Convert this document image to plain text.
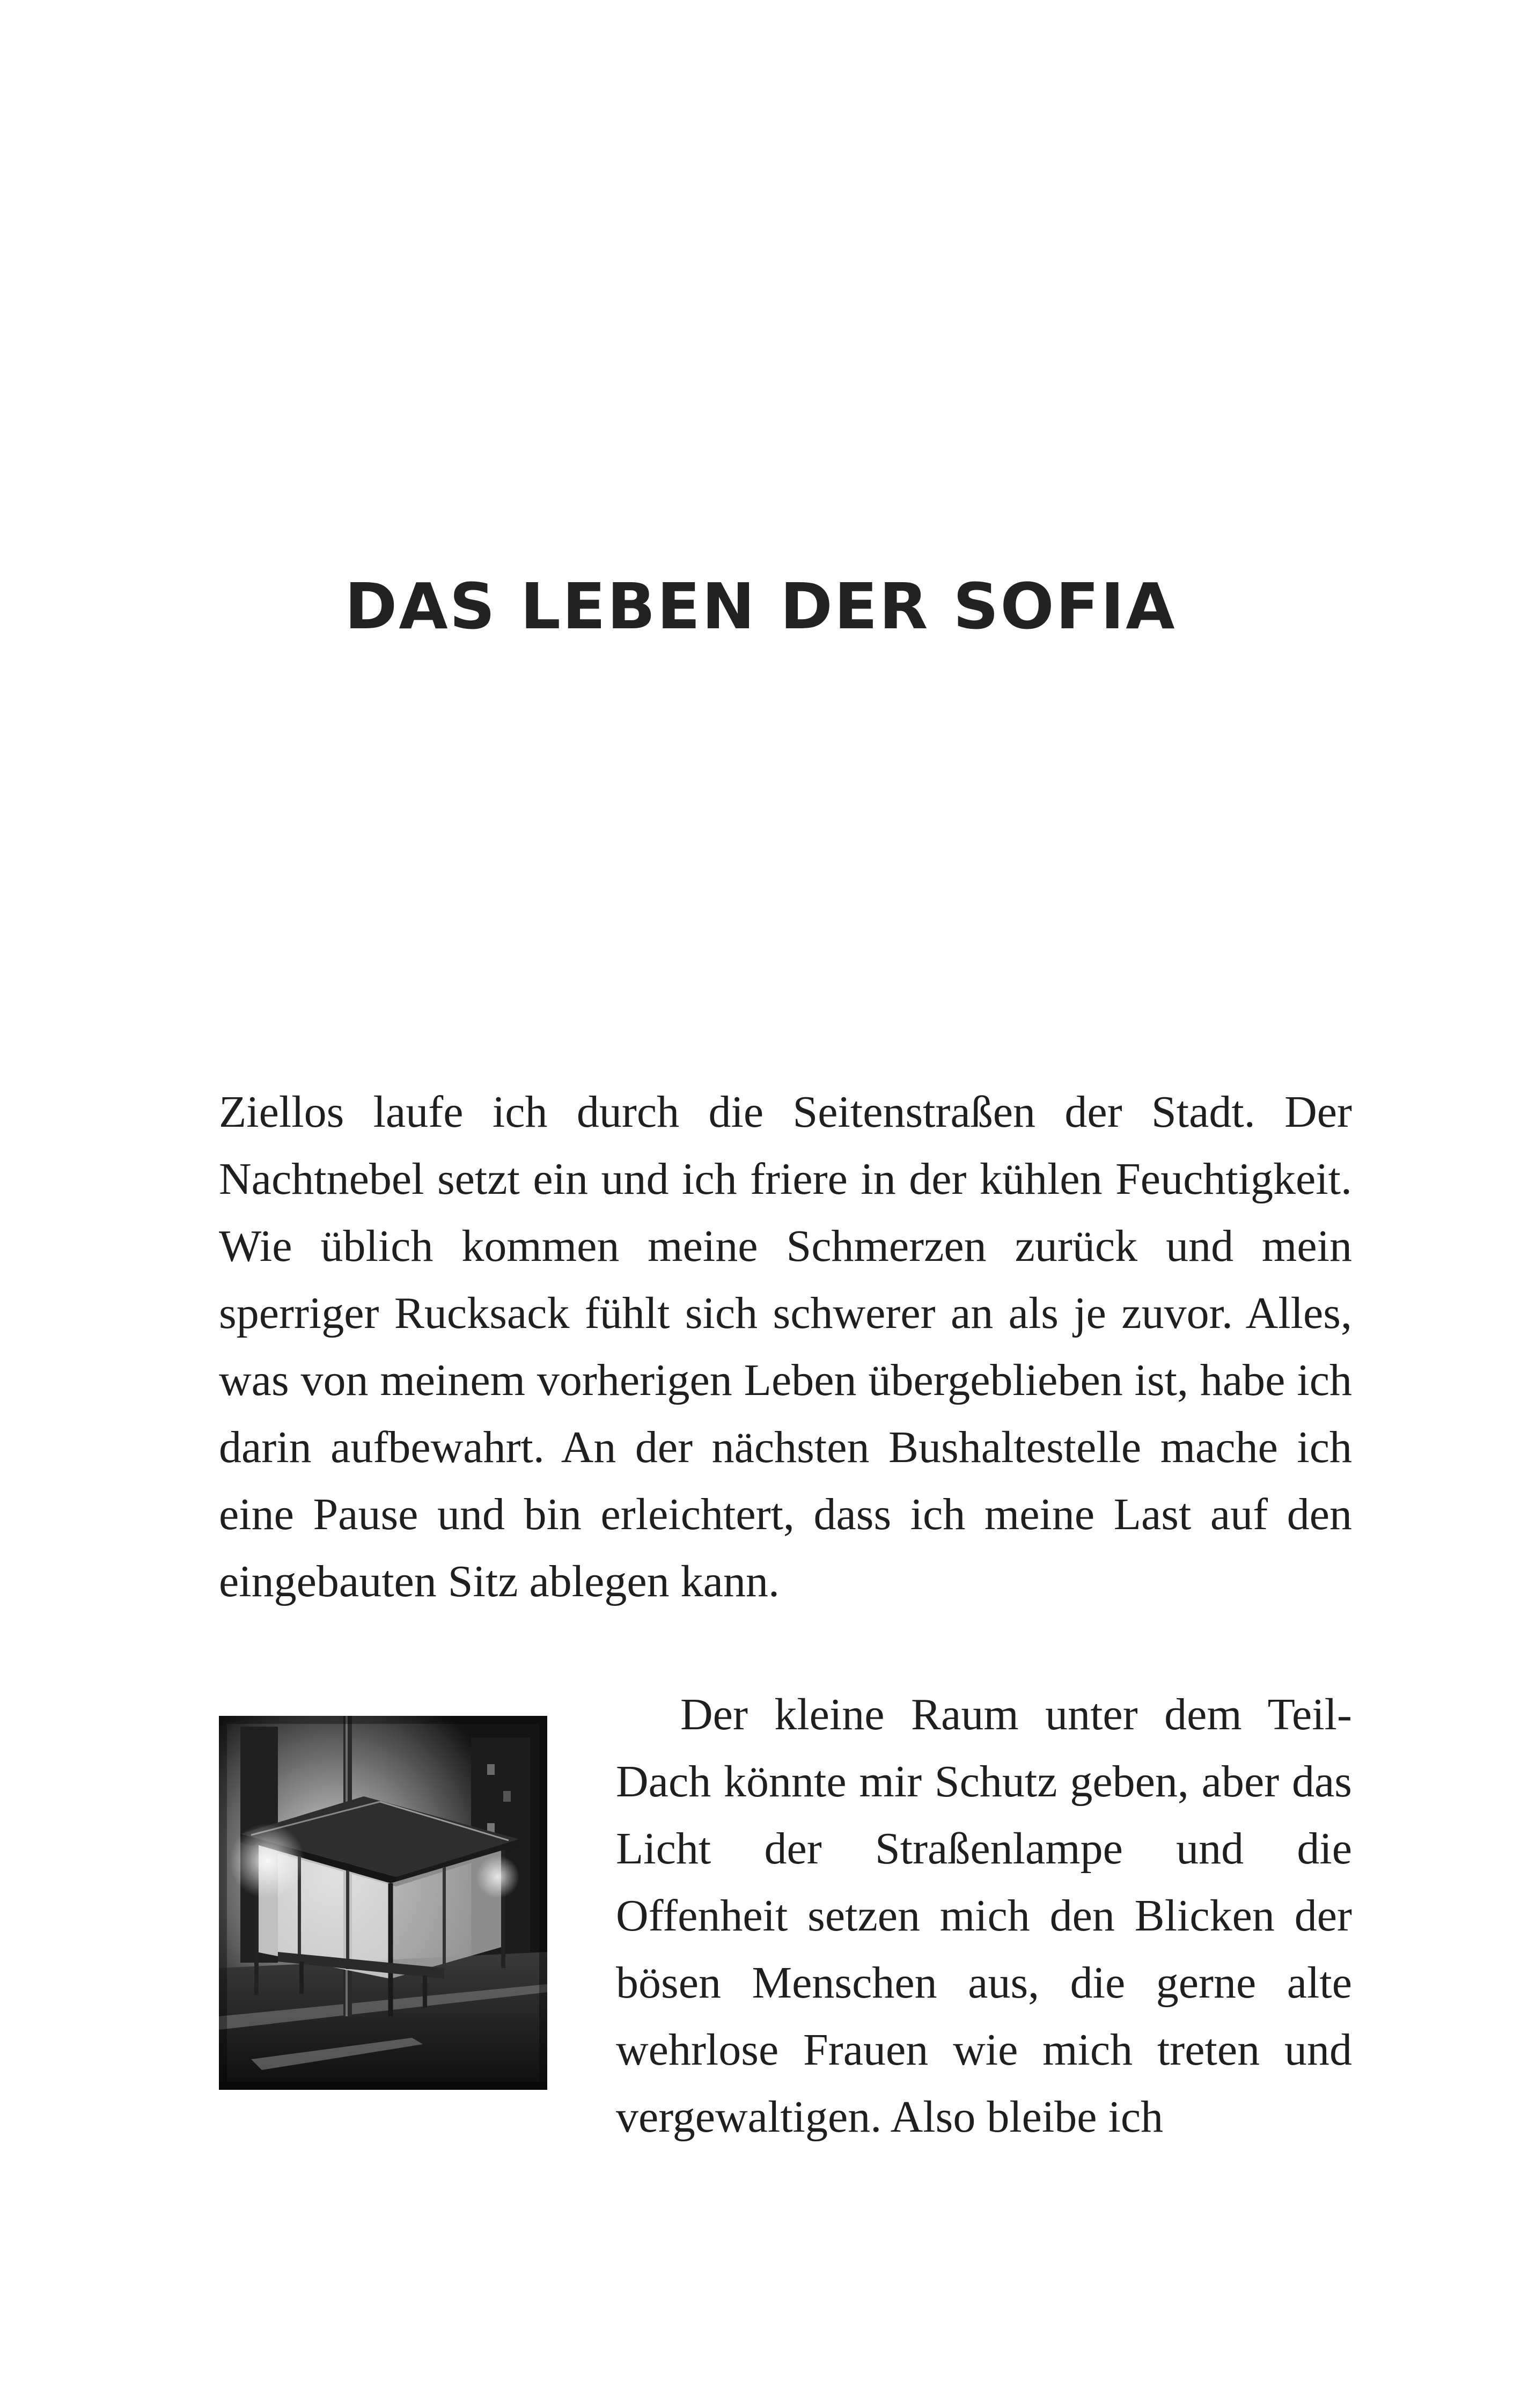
DAS LEBEN DER SOFIA

Ziellos laufe ich durch die Seitenstraßen der Stadt. Der Nachtnebel setzt ein und ich friere in der kühlen Feuchtigkeit. Wie üblich kommen meine Schmerzen zurück und mein sperriger Rucksack fühlt sich schwerer an als je zuvor. Alles, was von meinem vorherigen Leben übergeblieben ist, habe ich darin aufbewahrt. An der nächsten Bushaltestelle mache ich eine Pause und bin erleichtert, dass ich meine Last auf den eingebauten Sitz ablegen kann.

Der kleine Raum unter dem Teil-Dach könnte mir Schutz geben, aber das Licht der Straßenlampe und die Offenheit setzen mich den Blicken der bösen Menschen aus, die gerne alte wehrlose Frauen wie mich treten und vergewaltigen. Also bleibe ich
